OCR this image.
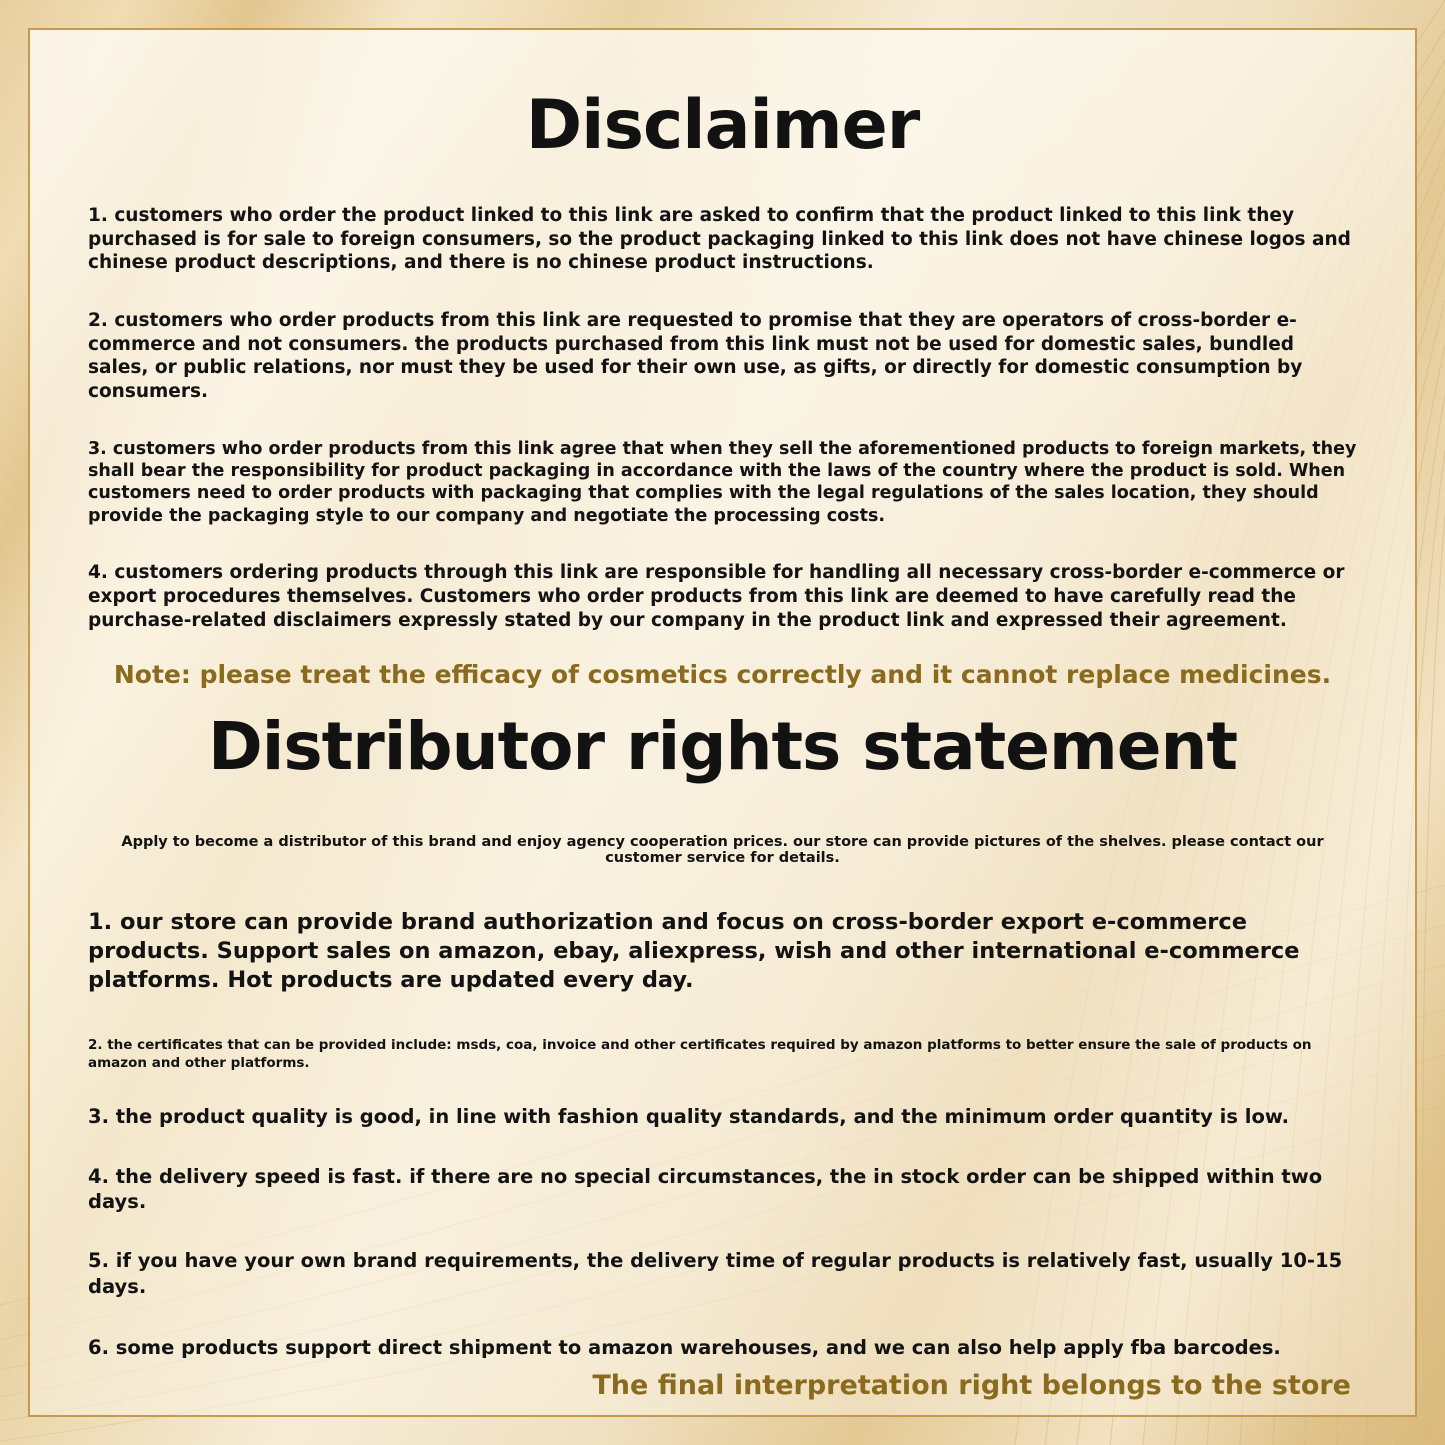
Disclaimer

1. customers who order the product linked to this link are asked to confirm that the product linked to this link they purchased is for sale to foreign consumers, so the product packaging linked to this link does not have chinese logos and chinese product descriptions, and there is no chinese product instructions.

2. customers who order products from this link are requested to promise that they are operators of cross-border e-commerce and not consumers. the products purchased from this link must not be used for domestic sales, bundled sales, or public relations, nor must they be used for their own use, as gifts, or directly for domestic consumption by consumers.

3. customers who order products from this link agree that when they sell the aforementioned products to foreign markets, they shall bear the responsibility for product packaging in accordance with the laws of the country where the product is sold. When customers need to order products with packaging that complies with the legal regulations of the sales location, they should provide the packaging style to our company and negotiate the processing costs.

4. customers ordering products through this link are responsible for handling all necessary cross-border e-commerce or export procedures themselves. Customers who order products from this link are deemed to have carefully read the purchase-related disclaimers expressly stated by our company in the product link and expressed their agreement.

Note: please treat the efficacy of cosmetics correctly and it cannot replace medicines.

Distributor rights statement

Apply to become a distributor of this brand and enjoy agency cooperation prices. our store can provide pictures of the shelves. please contact our customer service for details.

1. our store can provide brand authorization and focus on cross-border export e-commerce products. Support sales on amazon, ebay, aliexpress, wish and other international e-commerce platforms. Hot products are updated every day.

2. the certificates that can be provided include: msds, coa, invoice and other certificates required by amazon platforms to better ensure the sale of products on amazon and other platforms.

3. the product quality is good, in line with fashion quality standards, and the minimum order quantity is low.

4. the delivery speed is fast. if there are no special circumstances, the in stock order can be shipped within two days.

5. if you have your own brand requirements, the delivery time of regular products is relatively fast, usually 10-15 days.

6. some products support direct shipment to amazon warehouses, and we can also help apply fba barcodes.

The final interpretation right belongs to the store
